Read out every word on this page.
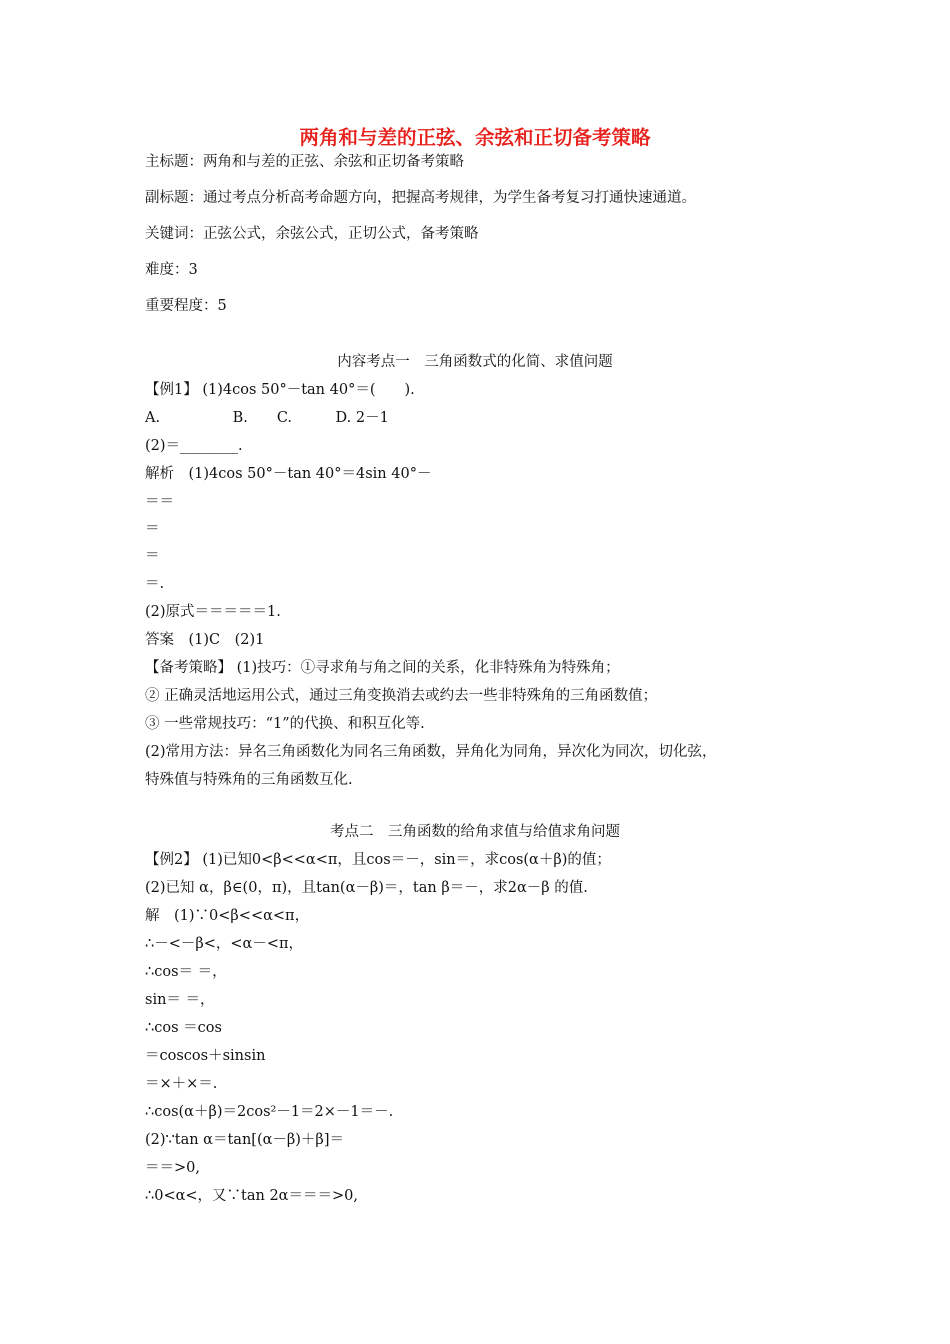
两角和与差的正弦、余弦和正切备考策略
主标题：两角和与差的正弦、余弦和正切备考策略
副标题：通过考点分析高考命题方向，把握高考规律，为学生备考复习打通快速通道。
关键词：正弦公式，余弦公式，正切公式，备考策略
难度：3
重要程度：5
内容考点一　三角函数式的化简、求值问题
【例1】 (1)4cos 50°－tan 40°＝(　　).
A.　　　　　B.　　C.　　　D. 2－1
(2)＝________.
解析　(1)4cos 50°－tan 40°＝4sin 40°－
＝＝
＝
＝
＝.
(2)原式＝＝＝＝＝1.
答案　(1)C　(2)1
【备考策略】 (1)技巧：①寻求角与角之间的关系，化非特殊角为特殊角；
② 正确灵活地运用公式，通过三角变换消去或约去一些非特殊角的三角函数值；
③ 一些常规技巧：“1”的代换、和积互化等.
(2)常用方法：异名三角函数化为同名三角函数，异角化为同角，异次化为同次，切化弦，
特殊值与特殊角的三角函数互化.
考点二　三角函数的给角求值与给值求角问题
【例2】 (1)已知0<β<<α<π，且cos＝－，sin＝，求cos(α＋β)的值；
(2)已知 α，β∈(0，π)，且tan(α－β)＝，tan β＝－，求2α－β 的值.
解　(1)∵0<β<<α<π，
∴－<－β<，<α－<π，
∴cos＝ ＝，
sin＝ ＝，
∴cos ＝cos
＝coscos＋sinsin
＝×＋×＝.
∴cos(α＋β)＝2cos²－1＝2×－1＝－.
(2)∵tan α＝tan[(α－β)＋β]＝
＝＝>0,
∴0<α<，又∵tan 2α＝＝＝>0,
